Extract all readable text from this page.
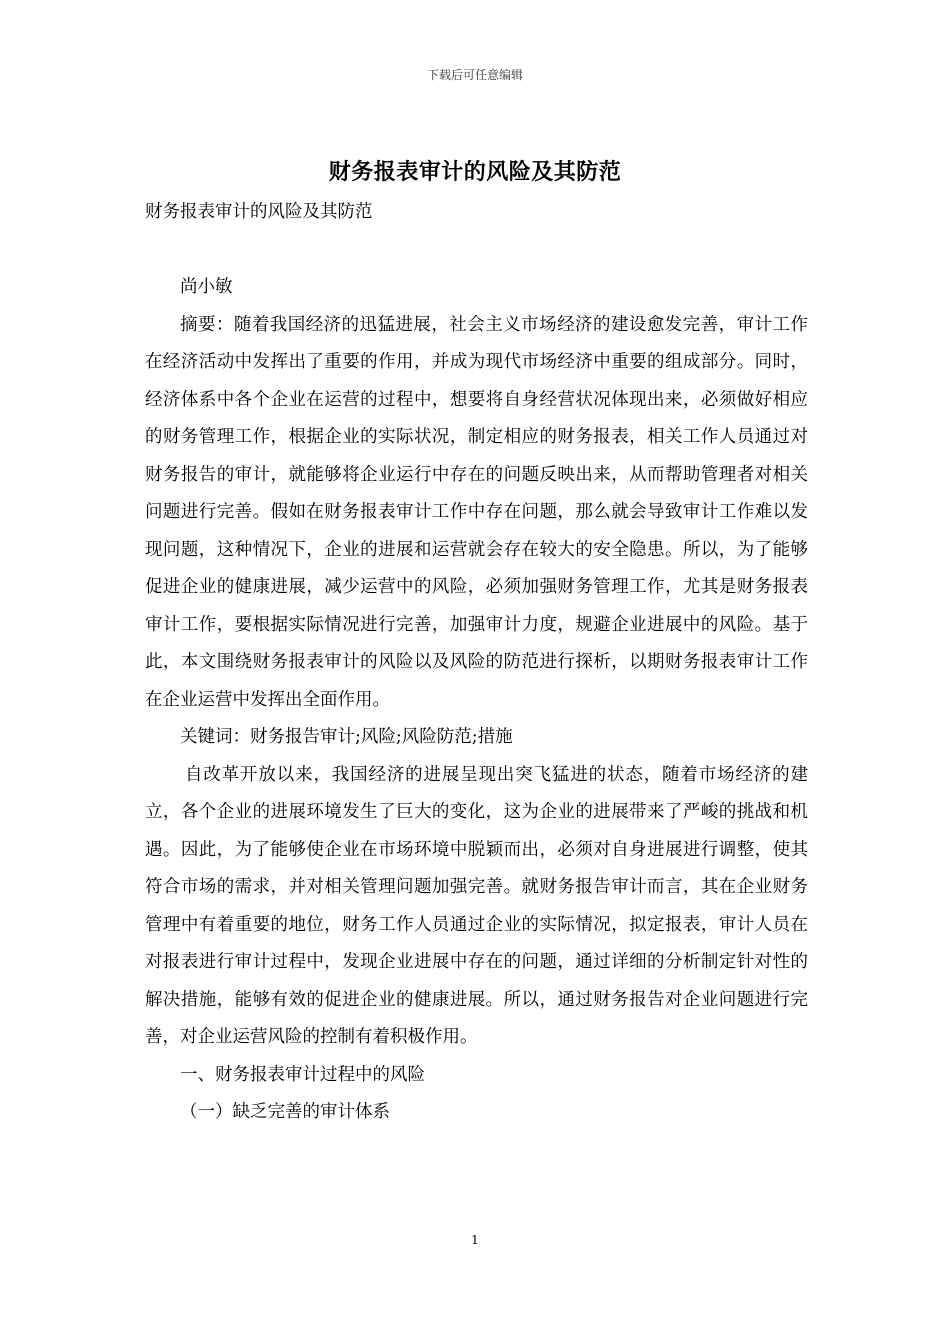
下载后可任意编辑
财务报表审计的风险及其防范

财务报表审计的风险及其防范

尚小敏

摘要：随着我国经济的迅猛进展，社会主义市场经济的建设愈发完善，审计工作在经济活动中发挥出了重要的作用，并成为现代市场经济中重要的组成部分。同时，经济体系中各个企业在运营的过程中，想要将自身经营状况体现出来，必须做好相应的财务管理工作，根据企业的实际状况，制定相应的财务报表，相关工作人员通过对财务报告的审计，就能够将企业运行中存在的问题反映出来，从而帮助管理者对相关问题进行完善。假如在财务报表审计工作中存在问题，那么就会导致审计工作难以发现问题，这种情况下，企业的进展和运营就会存在较大的安全隐患。所以，为了能够促进企业的健康进展，减少运营中的风险，必须加强财务管理工作，尤其是财务报表审计工作，要根据实际情况进行完善，加强审计力度，规避企业进展中的风险。基于此，本文围绕财务报表审计的风险以及风险的防范进行探析，以期财务报表审计工作在企业运营中发挥出全面作用。

关键词：财务报告审计;风险;风险防范;措施

自改革开放以来，我国经济的进展呈现出突飞猛进的状态，随着市场经济的建立，各个企业的进展环境发生了巨大的变化，这为企业的进展带来了严峻的挑战和机遇。因此，为了能够使企业在市场环境中脱颖而出，必须对自身进展进行调整，使其符合市场的需求，并对相关管理问题加强完善。就财务报告审计而言，其在企业财务管理中有着重要的地位，财务工作人员通过企业的实际情况，拟定报表，审计人员在对报表进行审计过程中，发现企业进展中存在的问题，通过详细的分析制定针对性的解决措施，能够有效的促进企业的健康进展。所以，通过财务报告对企业问题进行完善，对企业运营风险的控制有着积极作用。

一、财务报表审计过程中的风险

（一）缺乏完善的审计体系

1
